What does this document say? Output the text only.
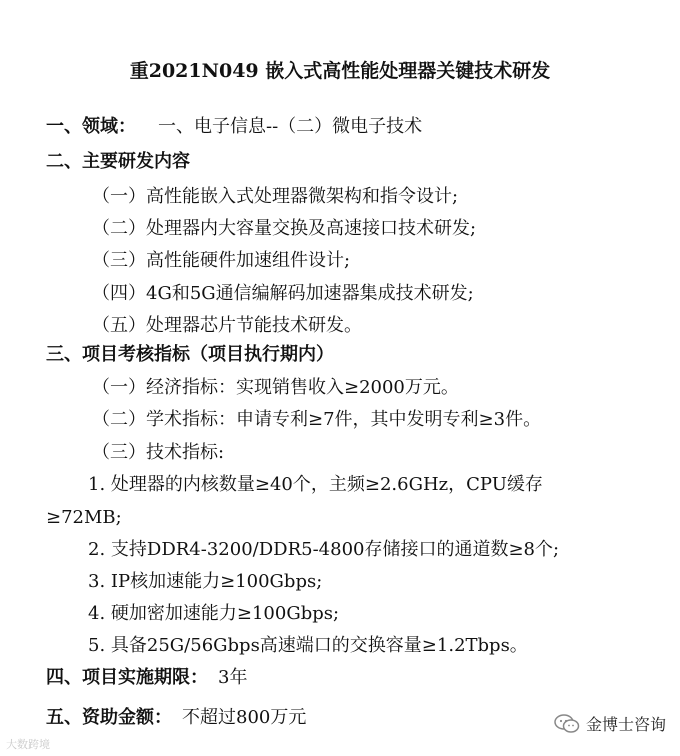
重2021N049 嵌入式高性能处理器关键技术研发
一、领域： 一、电子信息--（二）微电子技术
二、主要研发内容
（一）高性能嵌入式处理器微架构和指令设计;
（二）处理器内大容量交换及高速接口技术研发;
（三）高性能硬件加速组件设计;
（四）4G和5G通信编解码加速器集成技术研发;
（五）处理器芯片节能技术研发。
三、项目考核指标（项目执行期内）
（一）经济指标：实现销售收入≥2000万元。
（二）学术指标：申请专利≥7件，其中发明专利≥3件。
（三）技术指标:
1. 处理器的内核数量≥40个，主频≥2.6GHz，CPU缓存
≥72MB;
2. 支持DDR4-3200/DDR5-4800存储接口的通道数≥8个;
3. IP核加速能力≥100Gbps;
4. 硬加密加速能力≥100Gbps;
5. 具备25G/56Gbps高速端口的交换容量≥1.2Tbps。
四、项目实施期限： 3年
五、资助金额： 不超过800万元
大数跨境
金博士咨询
